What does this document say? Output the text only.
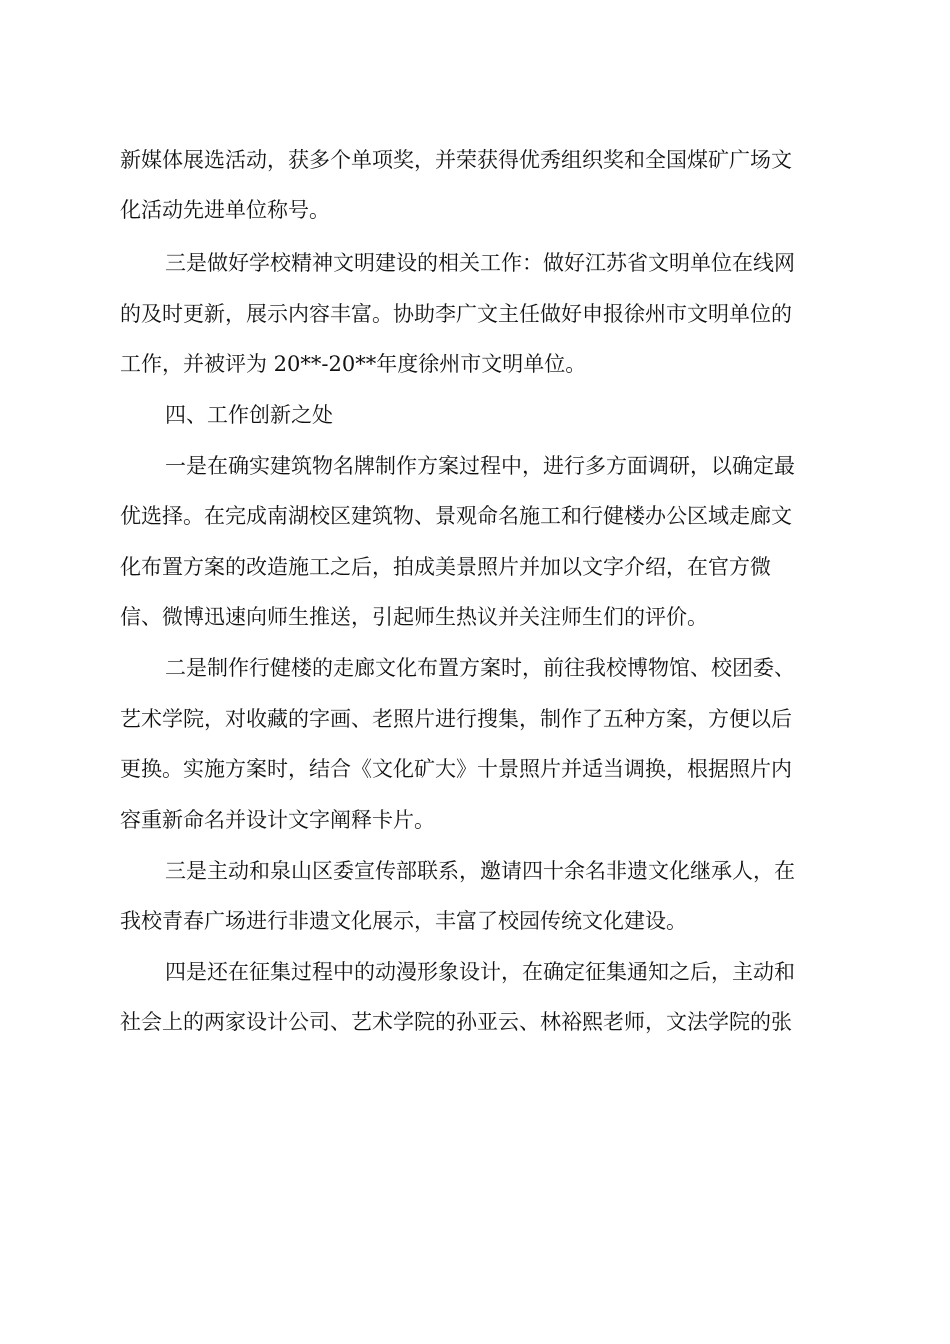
新媒体展选活动，获多个单项奖，并荣获得优秀组织奖和全国煤矿广场文
化活动先进单位称号。
三是做好学校精神文明建设的相关工作：做好江苏省文明单位在线网
的及时更新，展示内容丰富。协助李广文主任做好申报徐州市文明单位的
工作，并被评为 20**-20**年度徐州市文明单位。
四、工作创新之处
一是在确实建筑物名牌制作方案过程中，进行多方面调研，以确定最
优选择。在完成南湖校区建筑物、景观命名施工和行健楼办公区域走廊文
化布置方案的改造施工之后，拍成美景照片并加以文字介绍，在官方微
信、微博迅速向师生推送，引起师生热议并关注师生们的评价。
二是制作行健楼的走廊文化布置方案时，前往我校博物馆、校团委、
艺术学院，对收藏的字画、老照片进行搜集，制作了五种方案，方便以后
更换。实施方案时，结合《文化矿大》十景照片并适当调换，根据照片内
容重新命名并设计文字阐释卡片。
三是主动和泉山区委宣传部联系，邀请四十余名非遗文化继承人，在
我校青春广场进行非遗文化展示，丰富了校园传统文化建设。
四是还在征集过程中的动漫形象设计，在确定征集通知之后，主动和
社会上的两家设计公司、艺术学院的孙亚云、林裕熙老师，文法学院的张
